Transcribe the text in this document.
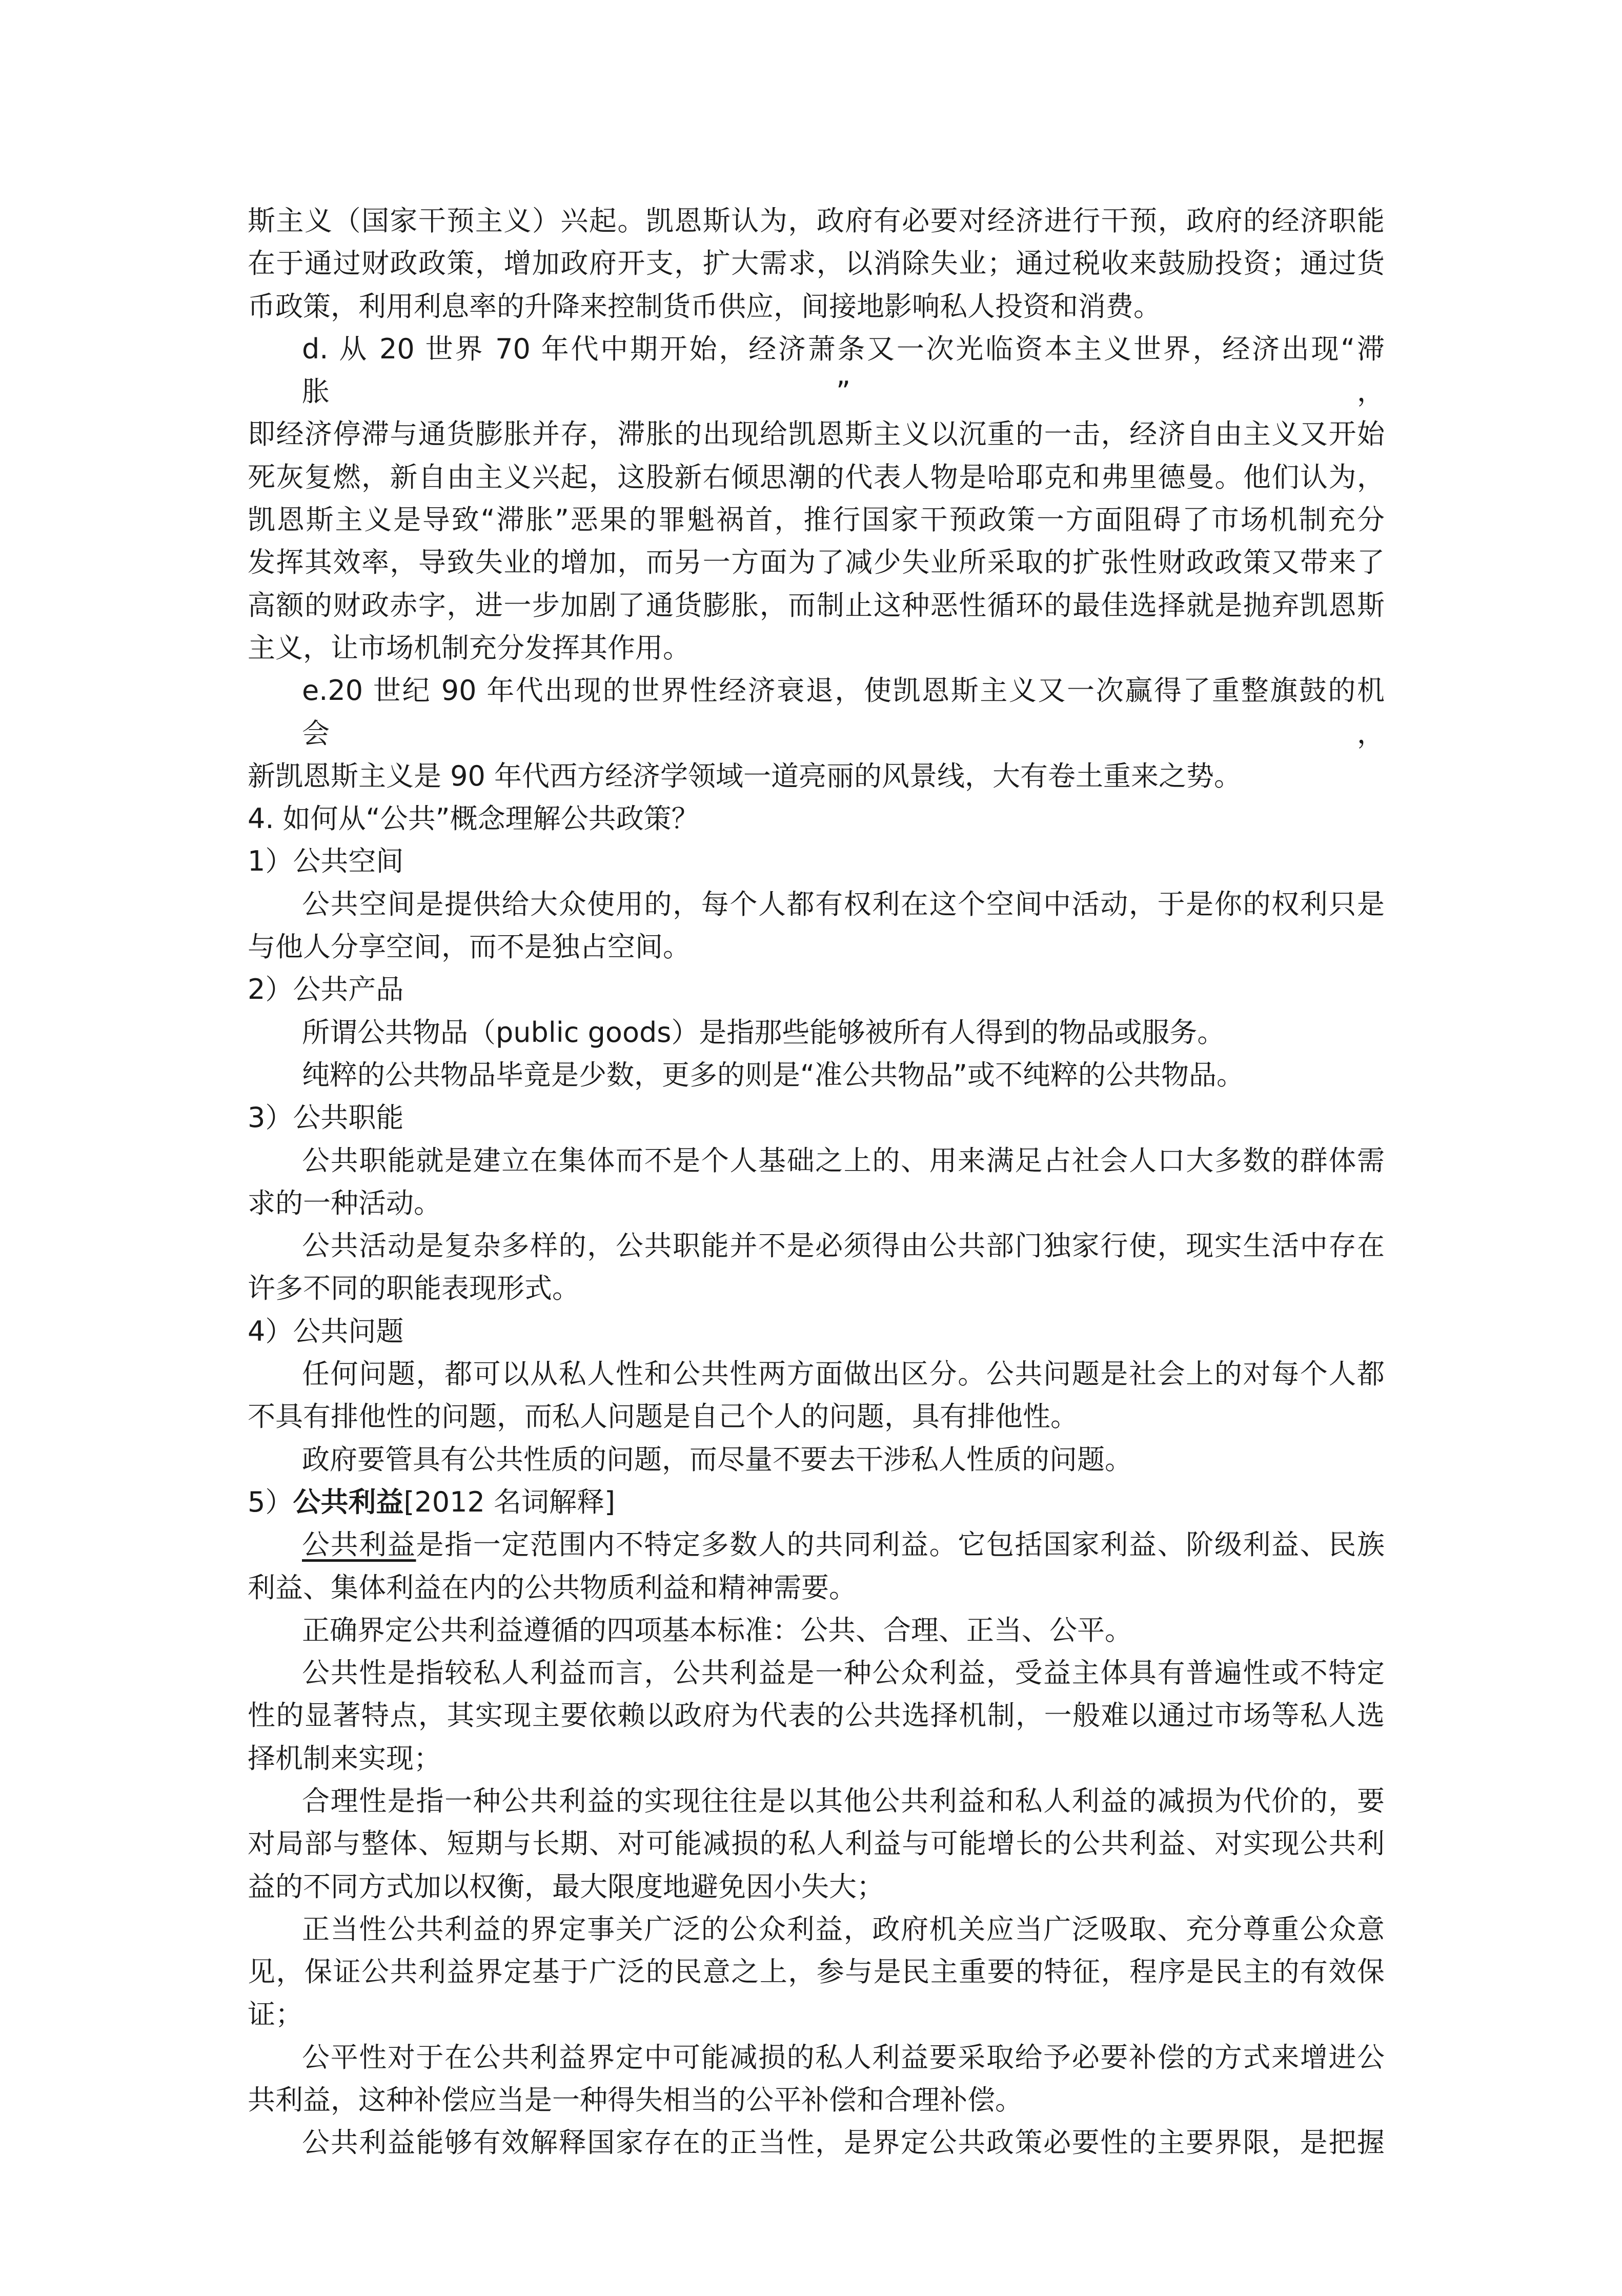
斯主义（国家干预主义）兴起。凯恩斯认为，政府有必要对经济进行干预，政府的经济职能
在于通过财政政策，增加政府开支，扩大需求，以消除失业；通过税收来鼓励投资；通过货
币政策，利用利息率的升降来控制货币供应，间接地影响私人投资和消费。
d. 从 20 世界 70 年代中期开始，经济萧条又一次光临资本主义世界，经济出现“滞胀”，
即经济停滞与通货膨胀并存，滞胀的出现给凯恩斯主义以沉重的一击，经济自由主义又开始
死灰复燃，新自由主义兴起，这股新右倾思潮的代表人物是哈耶克和弗里德曼。他们认为，
凯恩斯主义是导致“滞胀”恶果的罪魁祸首，推行国家干预政策一方面阻碍了市场机制充分
发挥其效率，导致失业的增加，而另一方面为了减少失业所采取的扩张性财政政策又带来了
高额的财政赤字，进一步加剧了通货膨胀，而制止这种恶性循环的最佳选择就是抛弃凯恩斯
主义，让市场机制充分发挥其作用。
e.20 世纪 90 年代出现的世界性经济衰退，使凯恩斯主义又一次赢得了重整旗鼓的机会，
新凯恩斯主义是 90 年代西方经济学领域一道亮丽的风景线，大有卷土重来之势。
4. 如何从“公共”概念理解公共政策？
1）公共空间
公共空间是提供给大众使用的，每个人都有权利在这个空间中活动，于是你的权利只是
与他人分享空间，而不是独占空间。
2）公共产品
所谓公共物品（public goods）是指那些能够被所有人得到的物品或服务。
纯粹的公共物品毕竟是少数，更多的则是“准公共物品”或不纯粹的公共物品。
3）公共职能
公共职能就是建立在集体而不是个人基础之上的、用来满足占社会人口大多数的群体需
求的一种活动。
公共活动是复杂多样的，公共职能并不是必须得由公共部门独家行使，现实生活中存在
许多不同的职能表现形式。
4）公共问题
任何问题，都可以从私人性和公共性两方面做出区分。公共问题是社会上的对每个人都
不具有排他性的问题，而私人问题是自己个人的问题，具有排他性。
政府要管具有公共性质的问题，而尽量不要去干涉私人性质的问题。
5）公共利益[2012 名词解释]
公共利益是指一定范围内不特定多数人的共同利益。它包括国家利益、阶级利益、民族
利益、集体利益在内的公共物质利益和精神需要。
正确界定公共利益遵循的四项基本标准：公共、合理、正当、公平。
公共性是指较私人利益而言，公共利益是一种公众利益，受益主体具有普遍性或不特定
性的显著特点，其实现主要依赖以政府为代表的公共选择机制，一般难以通过市场等私人选
择机制来实现；
合理性是指一种公共利益的实现往往是以其他公共利益和私人利益的减损为代价的，要
对局部与整体、短期与长期、对可能减损的私人利益与可能增长的公共利益、对实现公共利
益的不同方式加以权衡，最大限度地避免因小失大；
正当性公共利益的界定事关广泛的公众利益，政府机关应当广泛吸取、充分尊重公众意
见，保证公共利益界定基于广泛的民意之上，参与是民主重要的特征，程序是民主的有效保
证；
公平性对于在公共利益界定中可能减损的私人利益要采取给予必要补偿的方式来增进公
共利益，这种补偿应当是一种得失相当的公平补偿和合理补偿。
公共利益能够有效解释国家存在的正当性，是界定公共政策必要性的主要界限，是把握
